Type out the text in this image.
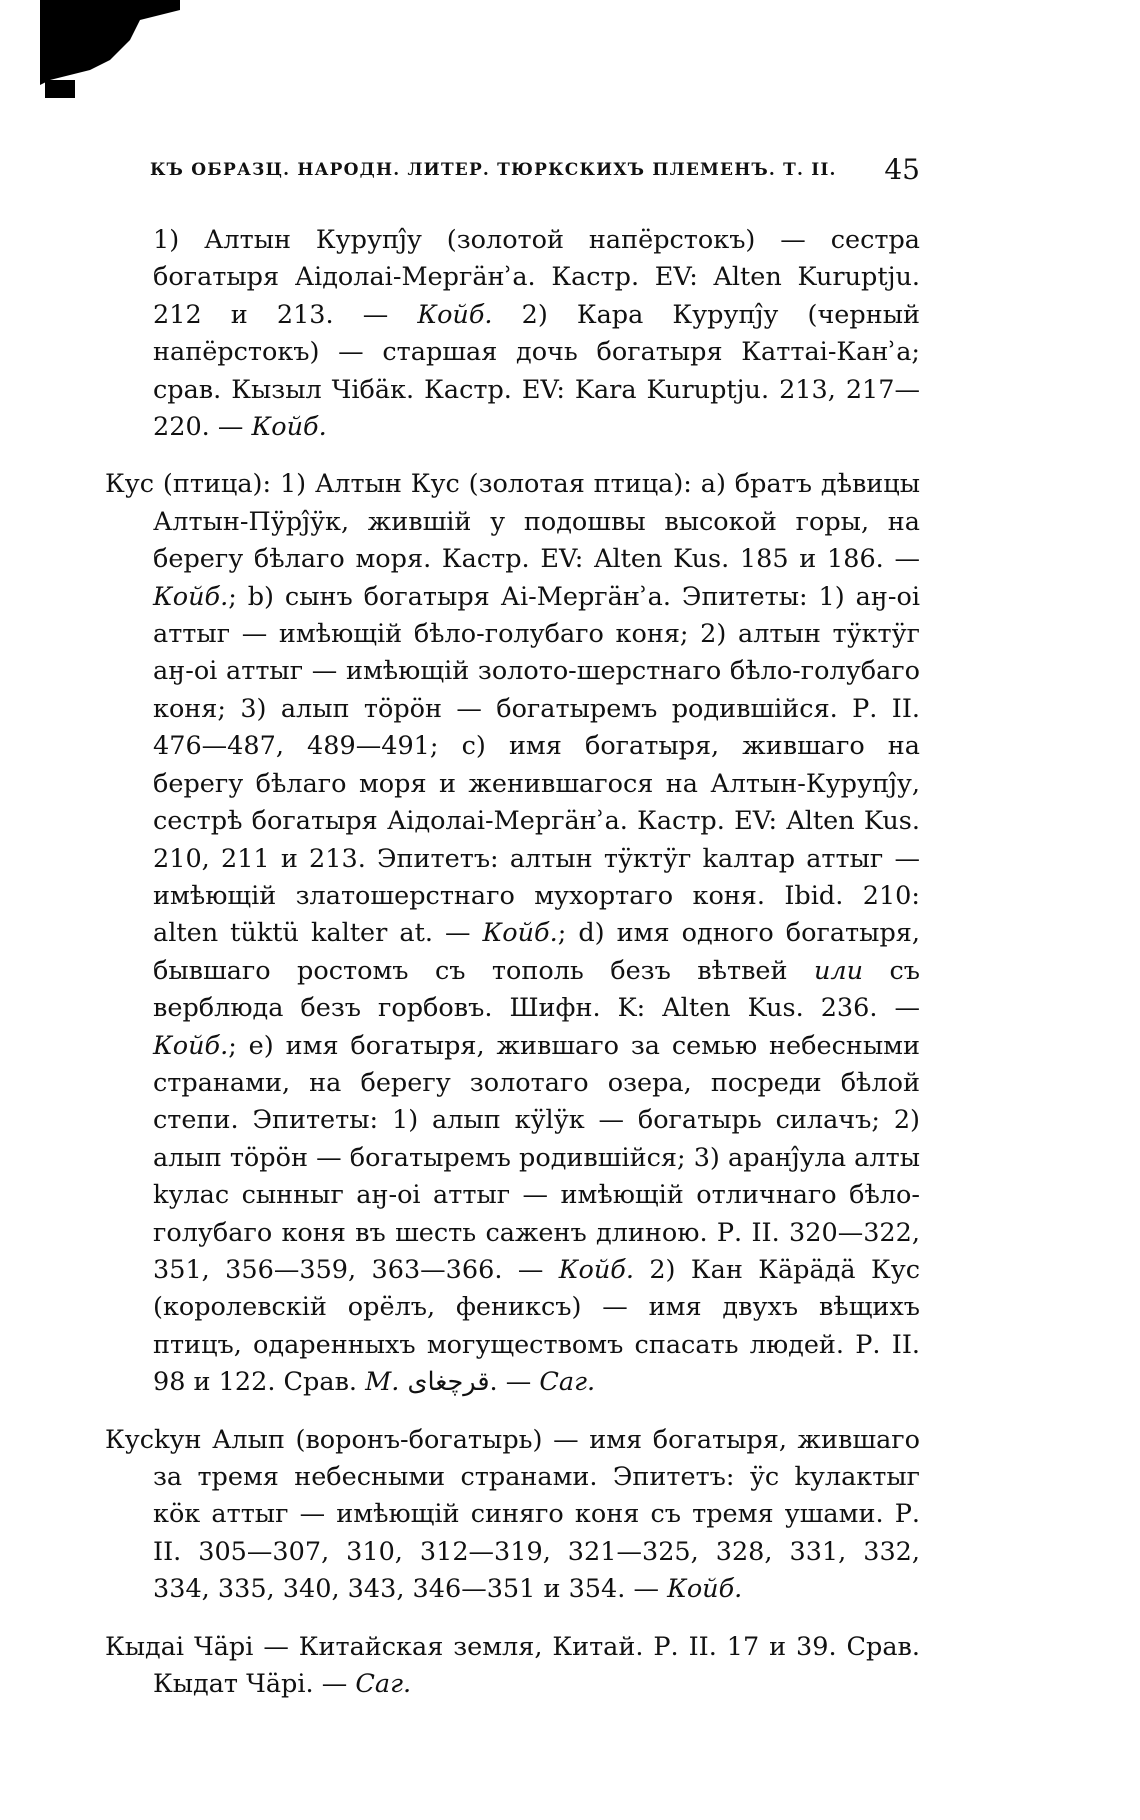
КЪ ОБРАЗЦ. НАРОДН. ЛИТЕР. ТЮРКСКИХЪ ПЛЕМЕНЪ. Т. II. 45

1) Алтын Курупĵу (золотой напёрстокъ) — сестра богатыря Аідолаі-Мергӓнʾа. Кастр. EV: Alten Kuruptju. 212 и 213. — Койб. 2) Кара Курупĵу (черный напёрстокъ) — старшая дочь богатыря Каттаі-Канʾа; срав. Кызыл Чібӓк. Кастр. EV: Kara Kuruptju. 213, 217—220. — Койб.

Кус (птица): 1) Алтын Кус (золотая птица): a) братъ дѣвицы Алтын-Пӱрĵӱк, жившій у подошвы высокой горы, на берегу бѣлаго моря. Кастр. EV: Alten Kus. 185 и 186. — Койб.; b) сынъ богатыря Аі-Мергӓнʾа. Эпитеты: 1) аӈ-оі аттыг — имѣющій бѣло-голубаго коня; 2) алтын тӱктӱг аӈ-оі аттыг — имѣющій золото-шерстнаго бѣло-голубаго коня; 3) алып тӧрӧн — богатыремъ родившійся. Р. II. 476—487, 489—491; c) имя богатыря, жившаго на берегу бѣлаго моря и женившагося на Алтын-Курупĵу, сестрѣ богатыря Аідолаі-Мергӓнʾа. Кастр. EV: Alten Kus. 210, 211 и 213. Эпитетъ: алтын тӱктӱг kалтар аттыг — имѣющій златошерстнаго мухортаго коня. Ibid. 210: alten tüktü kalter at. — Койб.; d) имя одного богатыря, бывшаго ростомъ съ тополь безъ вѣтвей или съ верблюда безъ горбовъ. Шифн. K: Alten Kus. 236. — Койб.; e) имя богатыря, жившаго за семью небесными странами, на берегу золотаго озера, посреди бѣлой степи. Эпитеты: 1) алып кӱlӱк — богатырь силачъ; 2) алып тӧрӧн — богатыремъ родившійся; 3) аранĵула алты kулас сынныг аӈ-оі аттыг — имѣющій отличнаго бѣло-голубаго коня въ шесть саженъ длиною. Р. II. 320—322, 351, 356—359, 363—366. — Койб. 2) Кан Кӓрӓдӓ Кус (королевскій орёлъ, фениксъ) — имя двухъ вѣщихъ птицъ, одаренныхъ могуществомъ спасать людей. Р. II. 98 и 122. Срав. М. قرچغاى. — Саг.

Кусkун Алып (воронъ-богатырь) — имя богатыря, жившаго за тремя небесными странами. Эпитетъ: ӱс kулактыг кӧк аттыг — имѣющій синяго коня съ тремя ушами. Р. II. 305—307, 310, 312—319, 321—325, 328, 331, 332, 334, 335, 340, 343, 346—351 и 354. — Койб.

Кыдаі Чӓрі — Китайская земля, Китай. Р. II. 17 и 39. Срав. Кыдат Чӓрі. — Саг.
